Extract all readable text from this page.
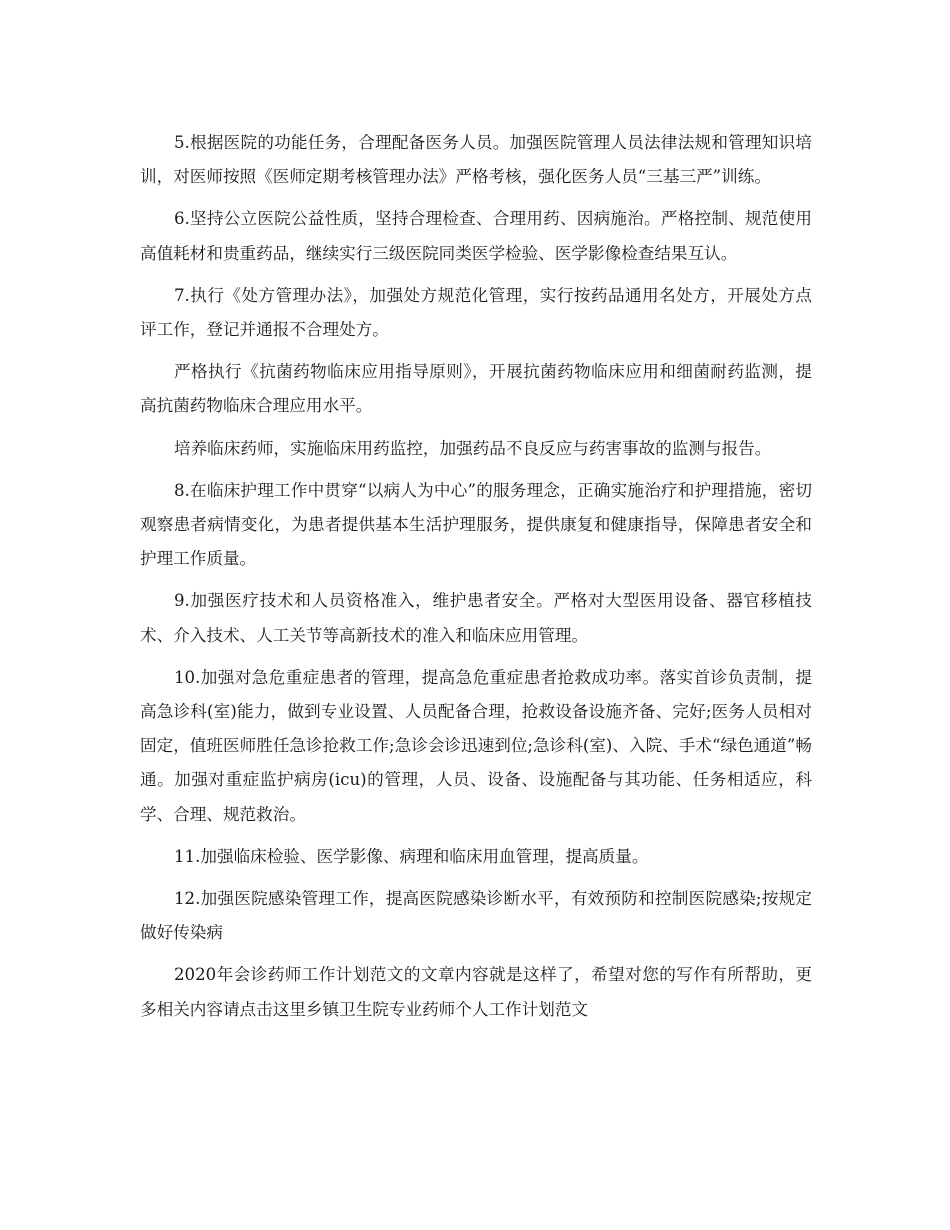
5.根据医院的功能任务，合理配备医务人员。加强医院管理人员法律法规和管理知识培训，对医师按照《医师定期考核管理办法》严格考核，强化医务人员“三基三严”训练。

6.坚持公立医院公益性质，坚持合理检查、合理用药、因病施治。严格控制、规范使用高值耗材和贵重药品，继续实行三级医院同类医学检验、医学影像检查结果互认。

7.执行《处方管理办法》，加强处方规范化管理，实行按药品通用名处方，开展处方点评工作，登记并通报不合理处方。

严格执行《抗菌药物临床应用指导原则》，开展抗菌药物临床应用和细菌耐药监测，提高抗菌药物临床合理应用水平。

培养临床药师，实施临床用药监控，加强药品不良反应与药害事故的监测与报告。

8.在临床护理工作中贯穿“以病人为中心”的服务理念，正确实施治疗和护理措施，密切观察患者病情变化，为患者提供基本生活护理服务，提供康复和健康指导，保障患者安全和护理工作质量。

9.加强医疗技术和人员资格准入，维护患者安全。严格对大型医用设备、器官移植技术、介入技术、人工关节等高新技术的准入和临床应用管理。

10.加强对急危重症患者的管理，提高急危重症患者抢救成功率。落实首诊负责制，提高急诊科(室)能力，做到专业设置、人员配备合理，抢救设备设施齐备、完好;医务人员相对固定，值班医师胜任急诊抢救工作;急诊会诊迅速到位;急诊科(室)、入院、手术“绿色通道”畅通。加强对重症监护病房(icu)的管理，人员、设备、设施配备与其功能、任务相适应，科学、合理、规范救治。

11.加强临床检验、医学影像、病理和临床用血管理，提高质量。

12.加强医院感染管理工作，提高医院感染诊断水平，有效预防和控制医院感染;按规定做好传染病

2020年会诊药师工作计划范文的文章内容就是这样了，希望对您的写作有所帮助，更多相关内容请点击这里乡镇卫生院专业药师个人工作计划范文
